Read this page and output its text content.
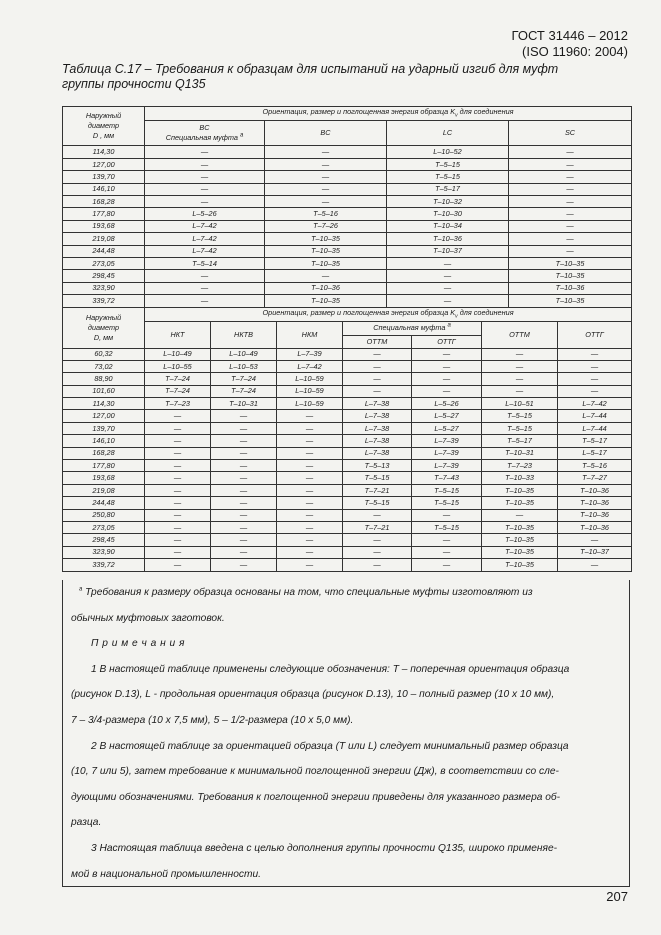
ГОСТ 31446 – 2012
(ISO 11960: 2004)
Таблица С.17 – Требования к образцам для испытаний на ударный изгиб для муфт
группы прочности Q135
Наружный
диаметр
D , мм	Ориентация, размер и поглощенная энергия образца $K_v$ для соединения			

	BC
Специальная муфта $^a$	BC	LC	SC
114,30	—	—	L–10–52	—
127,00	—	—	T–5–15	—
139,70	—	—	T–5–15	—
146,10	—	—	T–5–17	—
168,28	—	—	T–10–32	—
177,80	L–5–26	T–5–16	T–10–30	—
193,68	L–7–42	T–7–26	T–10–34	—
219,08	L–7–42	T–10–35	T–10–36	—
244,48	L–7–42	T–10–35	T–10–37	—
273,05	T–5–14	T–10–35	—	T–10–35
298,45	—	—	—	T–10–35
323,90	—	T–10–36	—	T–10–36
339,72	—	T–10–35	—	T–10–35
Наружный
диаметр
D, мм	Ориентация, размер и поглощенная энергия образца $K_v$ для соединения						
	НКТ	НКТВ	НКМ	Специальная муфта $^a$		ОТТМ	ОТТГ
				ОТТМ	ОТТГ		
60,32	L–10–49	L–10–49	L–7–39	—	—	—	—
73,02	L–10–55	L–10–53	L–7–42	—	—	—	—
88,90	T–7–24	T–7–24	L–10–59	—	—	—	—
101,60	T–7–24	T–7–24	L–10–59	—	—	—	—
114,30	T–7–23	T–10–31	L–10–59	L–7–38	L–5–26	L–10–51	L–7–42
127,00	—	—	—	L–7–38	L–5–27	T–5–15	L–7–44
139,70	—	—	—	L–7–38	L–5–27	T–5–15	L–7–44
146,10	—	—	—	L–7–38	L–7–39	T–5–17	T–5–17
168,28	—	—	—	L–7–38	L–7–39	T–10–31	L–5–17
177,80	—	—	—	T–5–13	L–7–39	T–7–23	T–5–16
193,68	—	—	—	T–5–15	T–7–43	T–10–33	T–7–27
219,08	—	—	—	T–7–21	T–5–15	T–10–35	T–10–36
244,48	—	—	—	T–5–15	T–5–15	T–10–35	T–10–36
250,80	—	—	—	—	—	—	T–10–36
273,05	—	—	—	T–7–21	T–5–15	T–10–35	T–10–36
298,45	—	—	—	—	—	T–10–35	—
323,90	—	—	—	—	—	T–10–35	T–10–37
339,72	—	—	—	—	—	T–10–35	—

$^a$ Требования к размеру образца основаны на том, что специальные муфты изготовляют из

обычных муфтовых заготовок.

П р и м е ч а н и я

1 В настоящей таблице применены следующие обозначения: Т – поперечная ориентация образца

(рисунок D.13), L - продольная ориентация образца (рисунок D.13), 10 – полный размер (10 х 10 мм),

7 – 3/4-размера (10 х 7,5 мм), 5 – 1/2-размера (10 х 5,0 мм).

2 В настоящей таблице за ориентацией образца (Т или L) следует минимальный размер образца

(10, 7 или 5), затем требование к минимальной поглощенной энергии (Дж), в соответствии со сле-

дующими обозначениями. Требования к поглощенной энергии приведены для указанного размера об-

разца.

3 Настоящая таблица введена с целью дополнения группы прочности Q135, широко применяе-

мой в национальной промышленности.

207
